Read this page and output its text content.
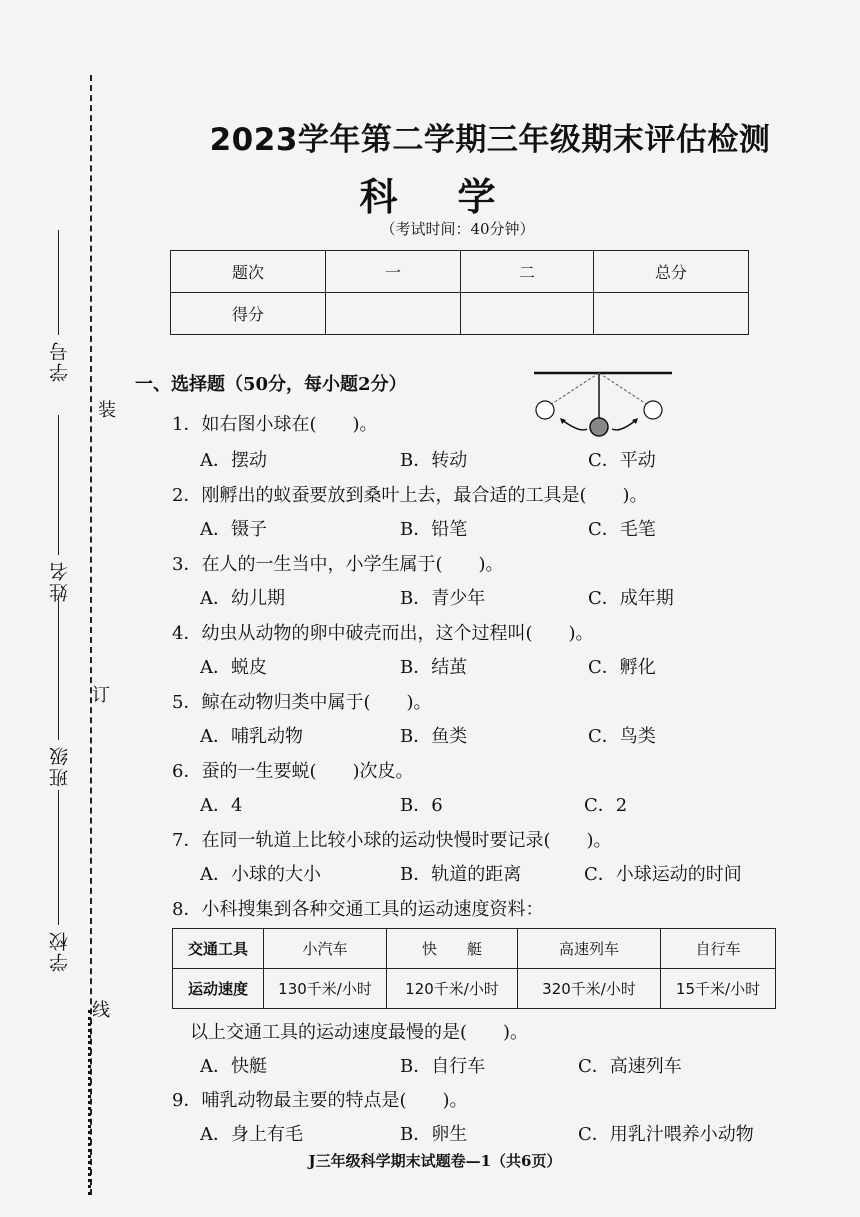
学号
姓名
班级
学校
装
订
线
2023学年第二学期三年级期末评估检测
科学
（考试时间：40分钟）
题次	一	二	总分
得分			
一、选择题（50分，每小题2分）
1．如右图小球在(　　)。
A．摆动	B．转动	C．平动
2．刚孵出的蚁蚕要放到桑叶上去，最合适的工具是(　　)。
A．镊子	B．铅笔	C．毛笔
3．在人的一生当中，小学生属于(　　)。
A．幼儿期	B．青少年	C．成年期
4．幼虫从动物的卵中破壳而出，这个过程叫(　　)。
A．蜕皮	B．结茧	C．孵化
5．鲸在动物归类中属于(　　)。
A．哺乳动物	B．鱼类	C．鸟类
6．蚕的一生要蜕(　　)次皮。
A．4	B．6	C．2
7．在同一轨道上比较小球的运动快慢时要记录(　　)。
A．小球的大小	B．轨道的距离	C．小球运动的时间
8．小科搜集到各种交通工具的运动速度资料：
交通工具	小汽车	快　　艇	高速列车	自行车
运动速度	130千米/小时	120千米/小时	320千米/小时	15千米/小时
以上交通工具的运动速度最慢的是(　　)。
A．快艇	B．自行车	C．高速列车
9．哺乳动物最主要的特点是(　　)。
A．身上有毛	B．卵生	C．用乳汁喂养小动物
J三年级科学期末试题卷—1（共6页）
